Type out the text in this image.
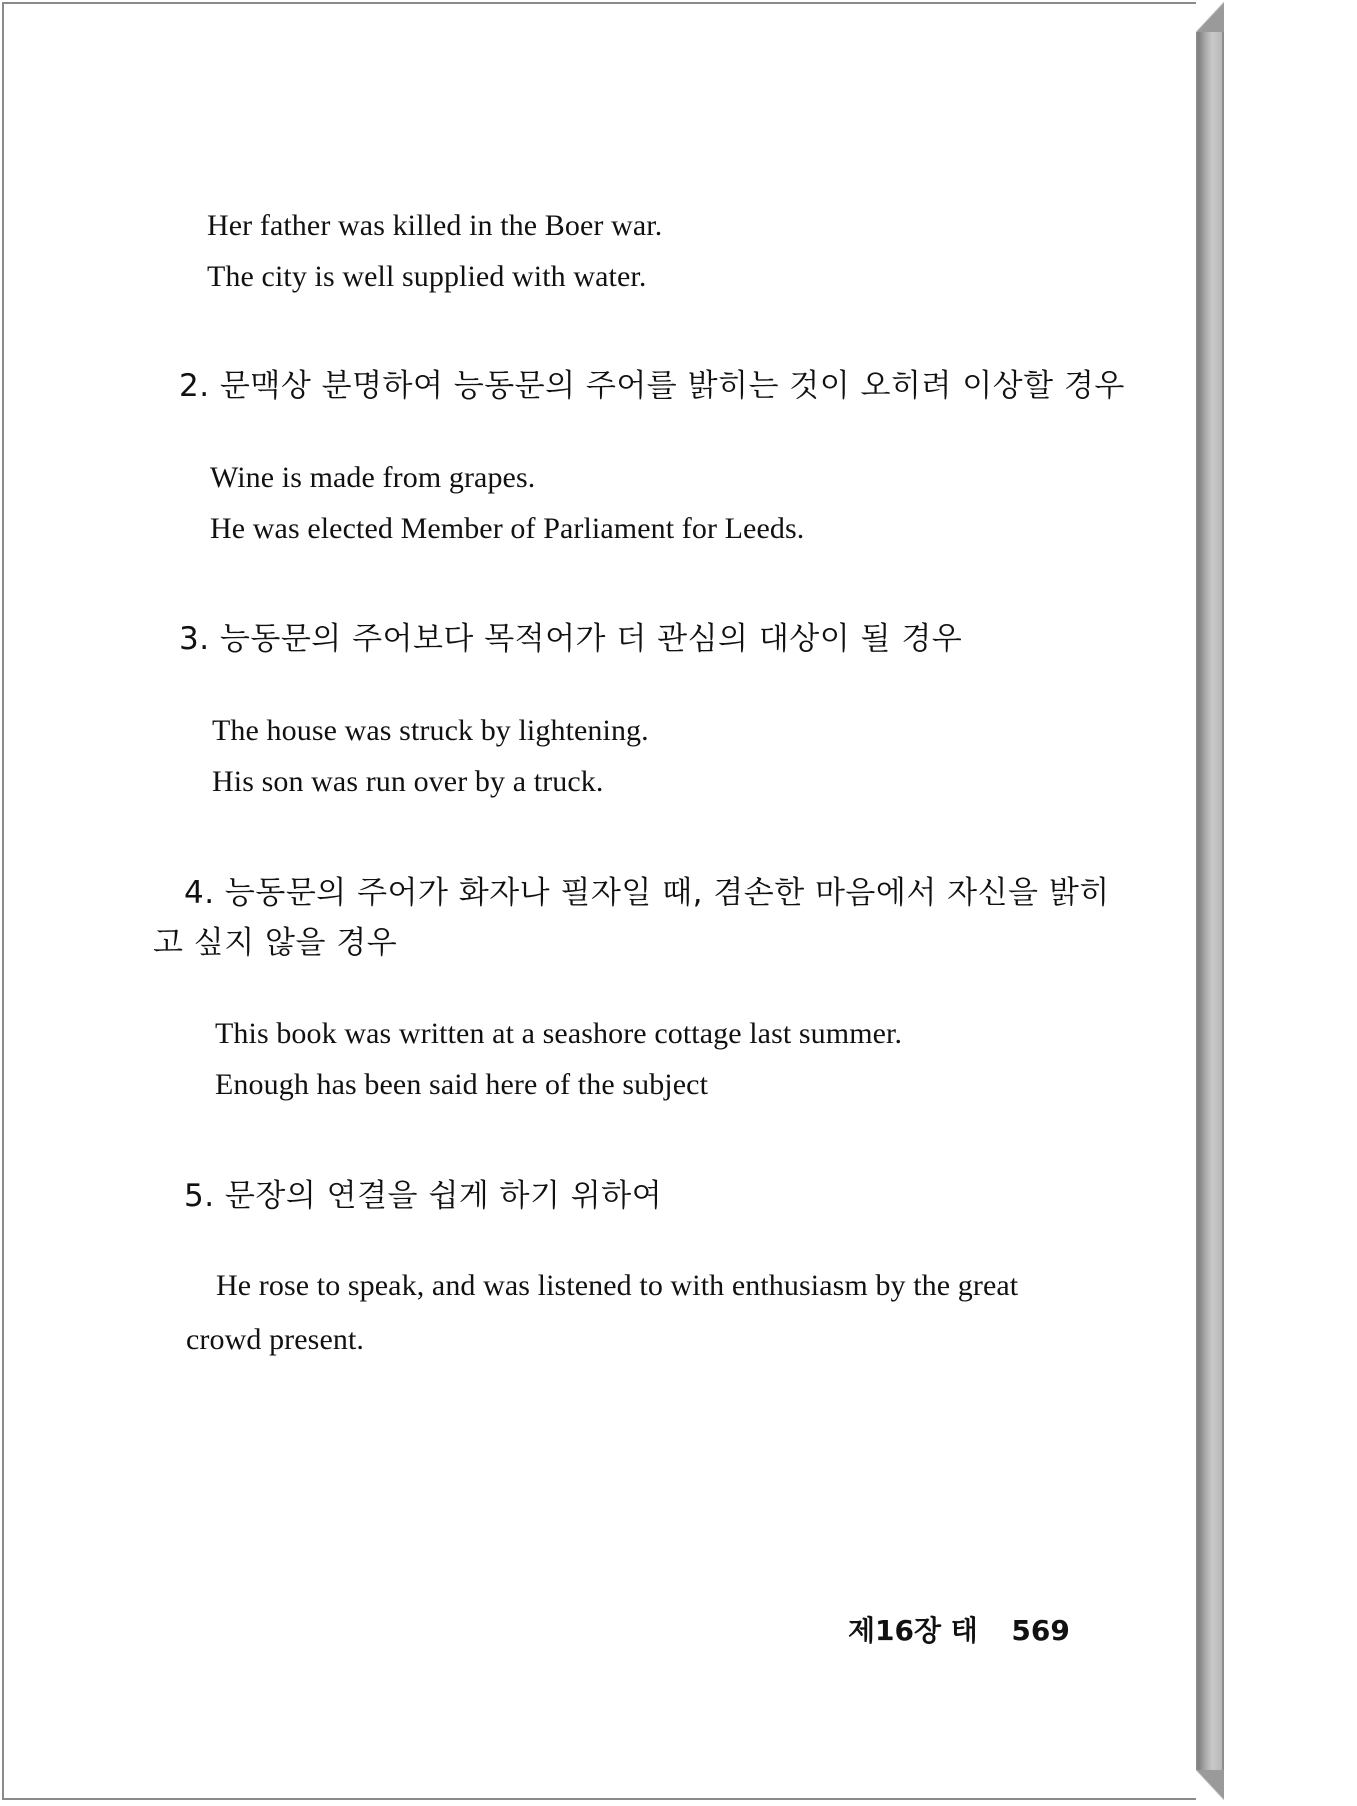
Her father was killed in the Boer war.
The city is well supplied with water.
2. 문맥상 분명하여 능동문의 주어를 밝히는 것이 오히려 이상할 경우
Wine is made from grapes.
He was elected Member of Parliament for Leeds.
3. 능동문의 주어보다 목적어가 더 관심의 대상이 될 경우
The house was struck by lightening.
His son was run over by a truck.
4. 능동문의 주어가 화자나 필자일 때, 겸손한 마음에서 자신을 밝히
고 싶지 않을 경우
This book was written at a seashore cottage last summer.
Enough has been said here of the subject
5. 문장의 연결을 쉽게 하기 위하여
He rose to speak, and was listened to with enthusiasm by the great
crowd present.
제16장 태 569
